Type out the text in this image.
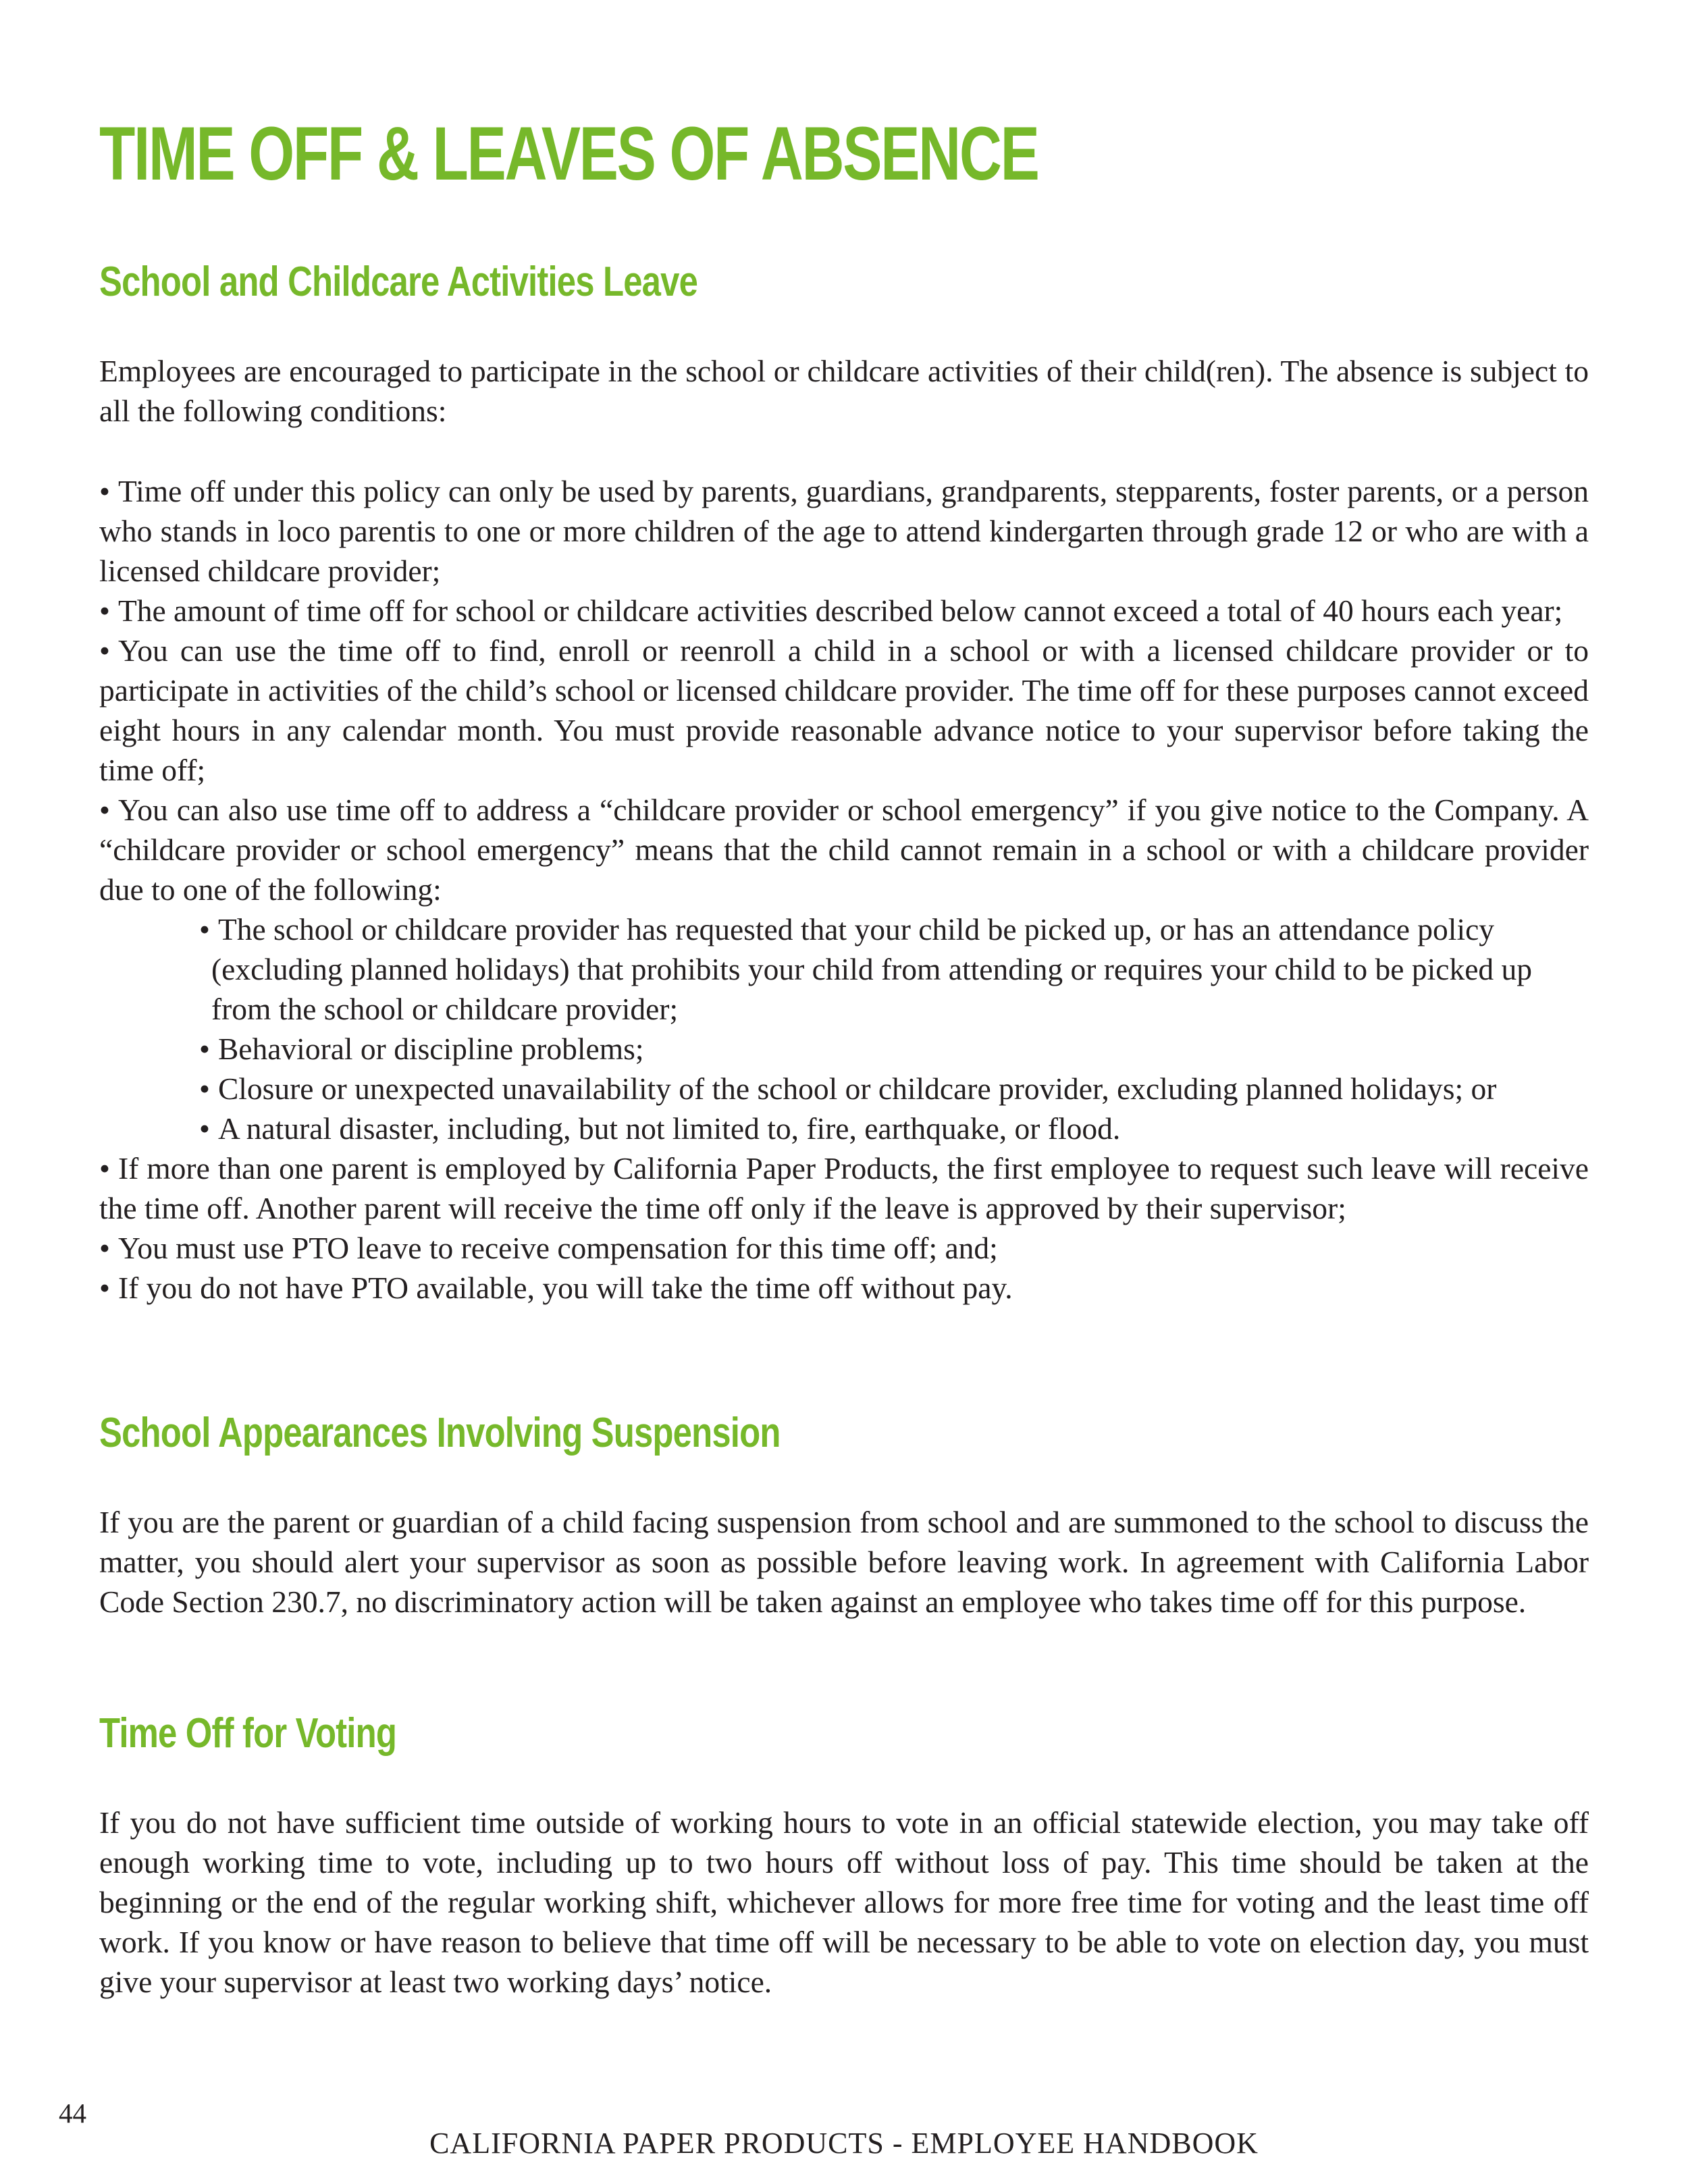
TIME OFF & LEAVES OF ABSENCE
School and Childcare Activities Leave

Employees are encouraged to participate in the school or childcare activities of their child(ren). The absence is subject to all the following conditions:

• Time off under this policy can only be used by parents, guardians, grandparents, stepparents, foster parents, or a person who stands in loco parentis to one or more children of the age to attend kindergarten through grade 12 or who are with a licensed childcare provider;
• The amount of time off for school or childcare activities described below cannot exceed a total of 40 hours each year;
• You can use the time off to find, enroll or reenroll a child in a school or with a licensed childcare provider or to participate in activities of the child’s school or licensed childcare provider. The time off for these purposes cannot exceed eight hours in any calendar month. You must provide reasonable advance notice to your supervisor before taking the time off;
• You can also use time off to address a “childcare provider or school emergency” if you give notice to the Company. A “childcare provider or school emergency” means that the child cannot remain in a school or with a childcare provider due to one of the following:
• The school or childcare provider has requested that your child be picked up, or has an attendance policy (excluding planned holidays) that prohibits your child from attending or requires your child to be picked up from the school or childcare provider;
• Behavioral or discipline problems;
• Closure or unexpected unavailability of the school or childcare provider, excluding planned holidays; or
• A natural disaster, including, but not limited to, fire, earthquake, or flood.
• If more than one parent is employed by California Paper Products, the first employee to request such leave will receive the time off. Another parent will receive the time off only if the leave is approved by their supervisor;
• You must use PTO leave to receive compensation for this time off; and;
• If you do not have PTO available, you will take the time off without pay.
School Appearances Involving Suspension

If you are the parent or guardian of a child facing suspension from school and are summoned to the school to discuss the matter, you should alert your supervisor as soon as possible before leaving work. In agreement with California Labor Code Section 230.7, no discriminatory action will be taken against an employee who takes time off for this purpose.

Time Off for Voting

If you do not have sufficient time outside of working hours to vote in an official statewide election, you may take off enough working time to vote, including up to two hours off without loss of pay. This time should be taken at the beginning or the end of the regular working shift, whichever allows for more free time for voting and the least time off work. If you know or have reason to believe that time off will be necessary to be able to vote on election day, you must give your supervisor at least two working days’ notice.

44
CALIFORNIA PAPER PRODUCTS - EMPLOYEE HANDBOOK
